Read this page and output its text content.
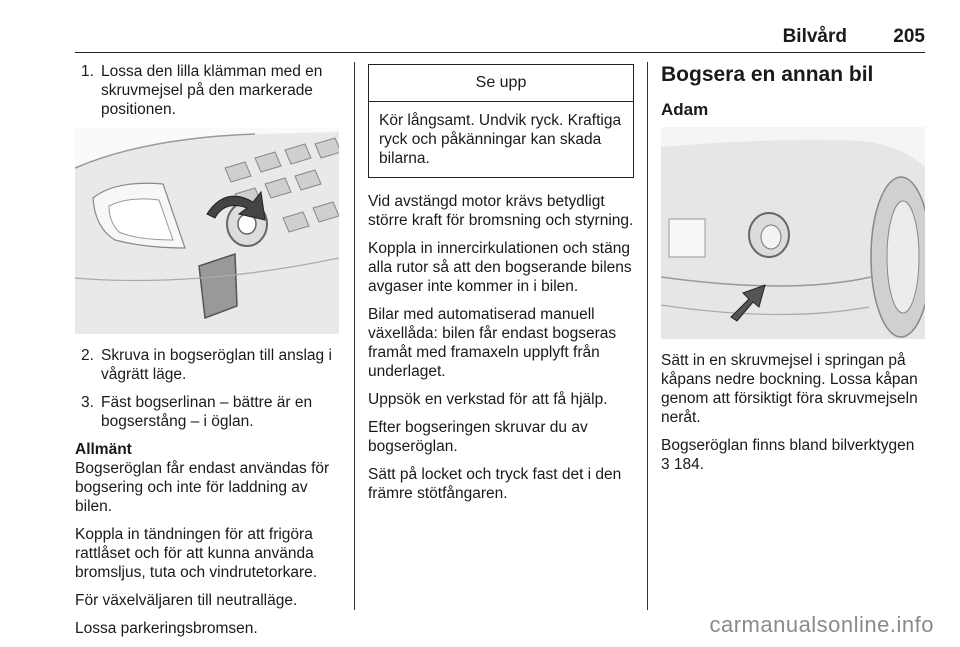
Bilvård 205
1. Lossa den lilla klämman med en skruvmejsel på den markerade positionen.
2. Skruva in bogseröglan till anslag i vågrätt läge.
3. Fäst bogserlinan – bättre är en bogserstång – i öglan.

Allmänt

Bogseröglan får endast användas för bogsering och inte för laddning av bilen.

Koppla in tändningen för att frigöra rattlåset och för att kunna använda bromsljus, tuta och vindrutetorkare.

För växelväljaren till neutralläge.

Lossa parkeringsbromsen.

Se upp
Kör långsamt. Undvik ryck. Kraftiga ryck och påkänningar kan skada bilarna.

Vid avstängd motor krävs betydligt större kraft för bromsning och styrning.

Koppla in innercirkulationen och stäng alla rutor så att den bogserande bilens avgaser inte kommer in i bilen.

Bilar med automatiserad manuell växellåda: bilen får endast bogseras framåt med framaxeln upplyft från underlaget.

Uppsök en verkstad för att få hjälp.

Efter bogseringen skruvar du av bogseröglan.

Sätt på locket och tryck fast det i den främre stötfångaren.

Bogsera en annan bil
Adam

Sätt in en skruvmejsel i springan på kåpans nedre bockning. Lossa kåpan genom att försiktigt föra skruvmejseln neråt.

Bogseröglan finns bland bilverktygen
3 184.

carmanualsonline.info
